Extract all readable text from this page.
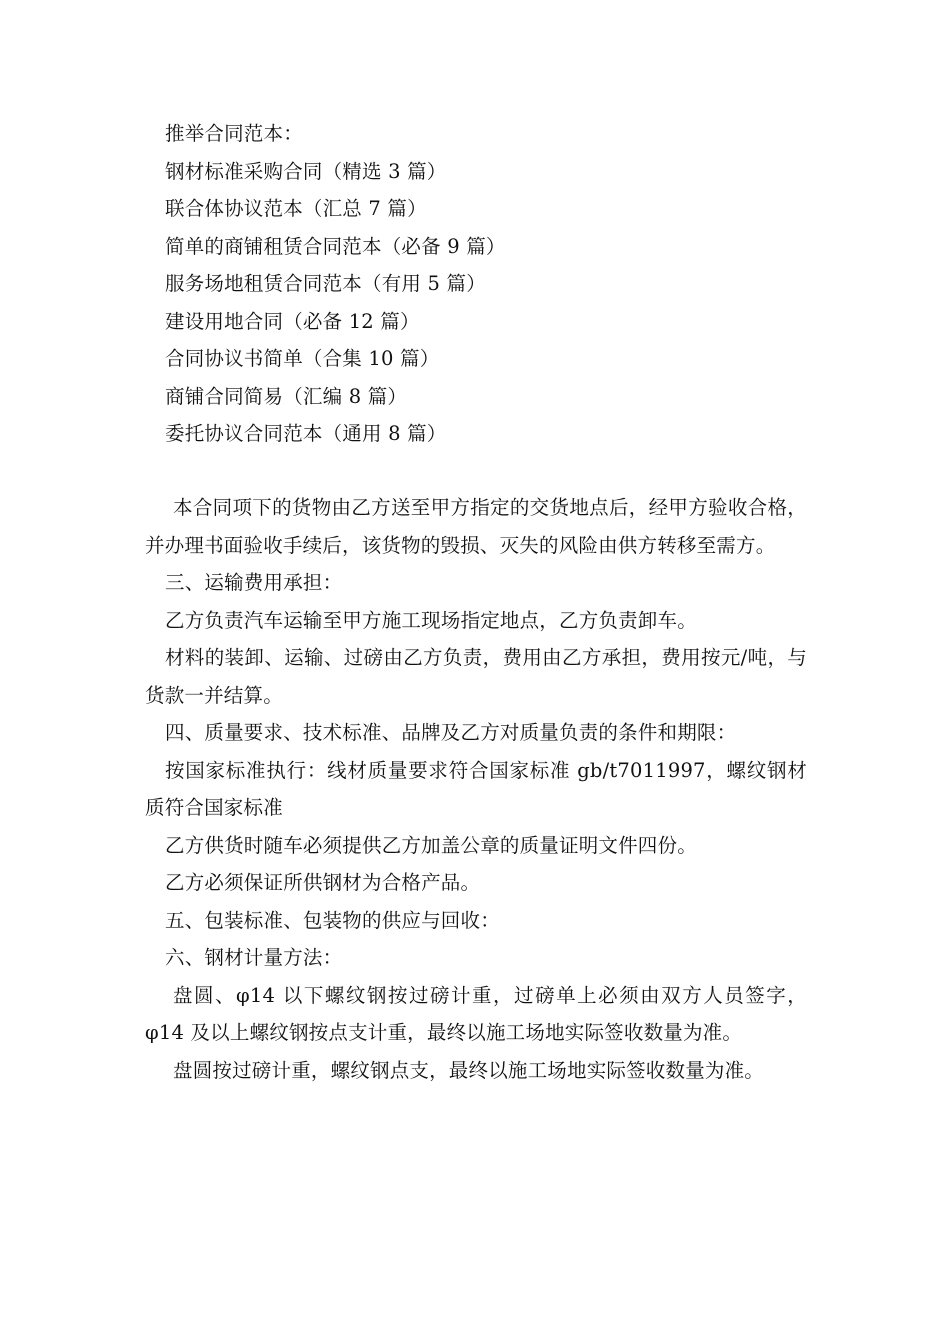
推举合同范本：
钢材标准采购合同（精选 3 篇）
联合体协议范本（汇总 7 篇）
简单的商铺租赁合同范本（必备 9 篇）
服务场地租赁合同范本（有用 5 篇）
建设用地合同（必备 12 篇）
合同协议书简单（合集 10 篇）
商铺合同简易（汇编 8 篇）
委托协议合同范本（通用 8 篇）
本合同项下的货物由乙方送至甲方指定的交货地点后，经甲方验收合格，并办理书面验收手续后，该货物的毁损、灭失的风险由供方转移至需方。
三、运输费用承担：
乙方负责汽车运输至甲方施工现场指定地点，乙方负责卸车。
材料的装卸、运输、过磅由乙方负责，费用由乙方承担，费用按元/吨，与货款一并结算。
四、质量要求、技术标准、品牌及乙方对质量负责的条件和期限：
按国家标准执行：线材质量要求符合国家标准 gb/t7011997，螺纹钢材质符合国家标准
乙方供货时随车必须提供乙方加盖公章的质量证明文件四份。
乙方必须保证所供钢材为合格产品。
五、包装标准、包装物的供应与回收：
六、钢材计量方法：
盘圆、φ14 以下螺纹钢按过磅计重，过磅单上必须由双方人员签字，φ14 及以上螺纹钢按点支计重，最终以施工场地实际签收数量为准。
盘圆按过磅计重，螺纹钢点支，最终以施工场地实际签收数量为准。
